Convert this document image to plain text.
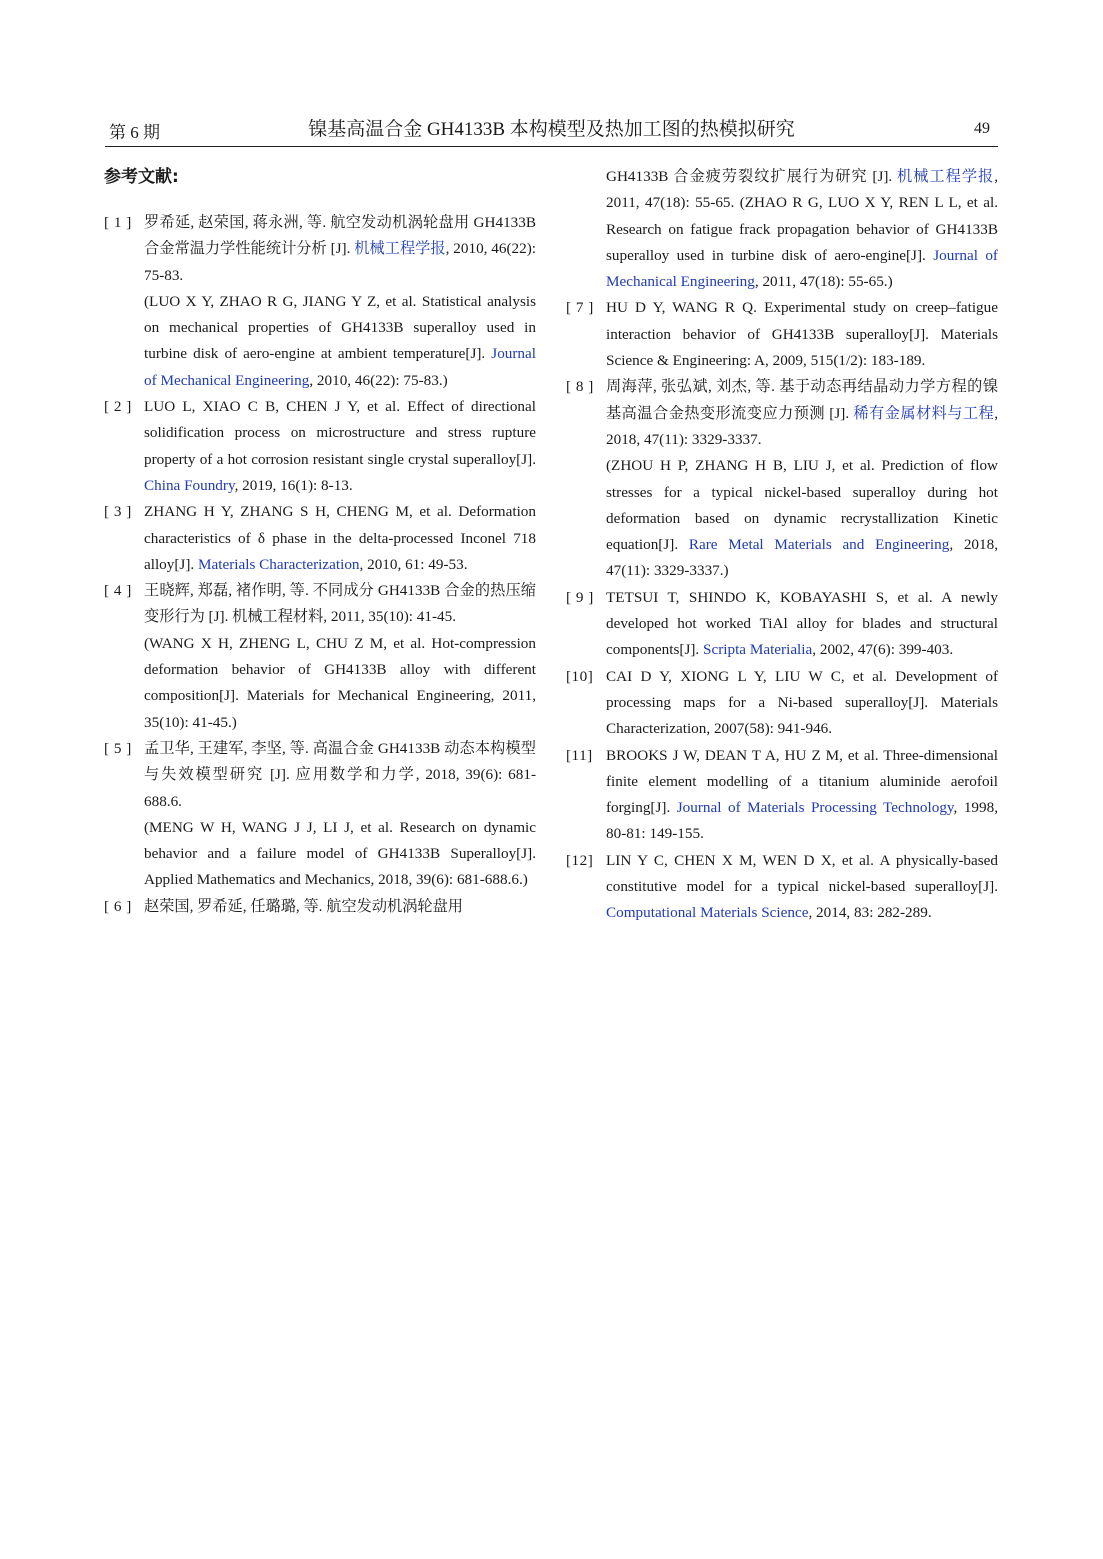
第 6 期	镍基高温合金 GH4133B 本构模型及热加工图的热模拟研究	49
参考文献:
[ 1 ] 罗希延, 赵荣国, 蒋永洲, 等. 航空发动机涡轮盘用 GH4133B 合金常温力学性能统计分析 [J]. 机械工程学报, 2010, 46(22): 75-83.
(LUO X Y, ZHAO R G, JIANG Y Z, et al. Statistical analysis on mechanical properties of GH4133B superalloy used in turbine disk of aero-engine at ambient temperature[J]. Journal of Mechanical Engineering, 2010, 46(22): 75-83.)
[ 2 ] LUO L, XIAO C B, CHEN J Y, et al. Effect of directional solidification process on microstructure and stress rupture property of a hot corrosion resistant single crystal superalloy[J]. China Foundry, 2019, 16(1): 8-13.
[ 3 ] ZHANG H Y, ZHANG S H, CHENG M, et al. Deformation characteristics of δ phase in the delta-processed Inconel 718 alloy[J]. Materials Characterization, 2010, 61: 49-53.
[ 4 ] 王晓辉, 郑磊, 褚作明, 等. 不同成分 GH4133B 合金的热压缩变形行为 [J]. 机械工程材料, 2011, 35(10): 41-45.
(WANG X H, ZHENG L, CHU Z M, et al. Hot-compression deformation behavior of GH4133B alloy with different composition[J]. Materials for Mechanical Engineering, 2011, 35(10): 41-45.)
[ 5 ] 孟卫华, 王建军, 李坚, 等. 高温合金 GH4133B 动态本构模型与失效模型研究 [J]. 应用数学和力学, 2018, 39(6): 681-688.6.
(MENG W H, WANG J J, LI J, et al. Research on dynamic behavior and a failure model of GH4133B Superalloy[J]. Applied Mathematics and Mechanics, 2018, 39(6): 681-688.6.)
[ 6 ] 赵荣国, 罗希延, 任璐璐, 等. 航空发动机涡轮盘用
GH4133B 合金疲劳裂纹扩展行为研究 [J]. 机械工程学报, 2011, 47(18): 55-65. (ZHAO R G, LUO X Y, REN L L, et al. Research on fatigue frack propagation behavior of GH4133B superalloy used in turbine disk of aero-engine[J]. Journal of Mechanical Engineering, 2011, 47(18): 55-65.)
[ 7 ] HU D Y, WANG R Q. Experimental study on creep–fatigue interaction behavior of GH4133B superalloy[J]. Materials Science & Engineering: A, 2009, 515(1/2): 183-189.
[ 8 ] 周海萍, 张弘斌, 刘杰, 等. 基于动态再结晶动力学方程的镍基高温合金热变形流变应力预测 [J]. 稀有金属材料与工程, 2018, 47(11): 3329-3337.
(ZHOU H P, ZHANG H B, LIU J, et al. Prediction of flow stresses for a typical nickel-based superalloy during hot deformation based on dynamic recrystallization Kinetic equation[J]. Rare Metal Materials and Engineering, 2018, 47(11): 3329-3337.)
[ 9 ] TETSUI T, SHINDO K, KOBAYASHI S, et al. A newly developed hot worked TiAl alloy for blades and structural components[J]. Scripta Materialia, 2002, 47(6): 399-403.
[10] CAI D Y, XIONG L Y, LIU W C, et al. Development of processing maps for a Ni-based superalloy[J]. Materials Characterization, 2007(58): 941-946.
[11] BROOKS J W, DEAN T A, HU Z M, et al. Three-dimensional finite element modelling of a titanium aluminide aerofoil forging[J]. Journal of Materials Processing Technology, 1998, 80-81: 149-155.
[12] LIN Y C, CHEN X M, WEN D X, et al. A physically-based constitutive model for a typical nickel-based superalloy[J]. Computational Materials Science, 2014, 83: 282-289.
